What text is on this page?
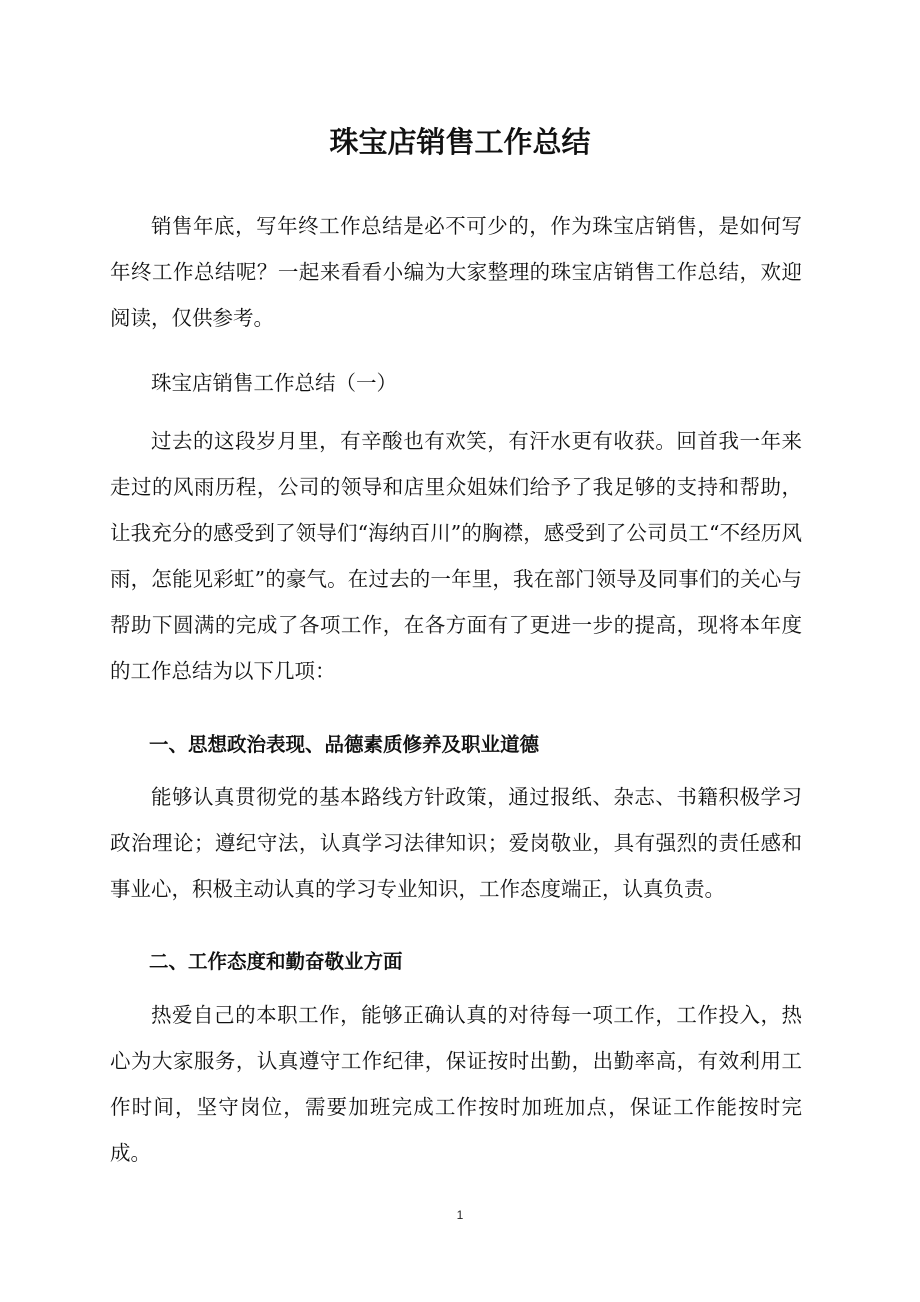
珠宝店销售工作总结

销售年底，写年终工作总结是必不可少的，作为珠宝店销售，是如何写年终工作总结呢？一起来看看小编为大家整理的珠宝店销售工作总结，欢迎阅读，仅供参考。

珠宝店销售工作总结（一）

过去的这段岁月里，有辛酸也有欢笑，有汗水更有收获。回首我一年来走过的风雨历程，公司的领导和店里众姐妹们给予了我足够的支持和帮助，让我充分的感受到了领导们“海纳百川”的胸襟，感受到了公司员工“不经历风雨，怎能见彩虹”的豪气。在过去的一年里，我在部门领导及同事们的关心与帮助下圆满的完成了各项工作，在各方面有了更进一步的提高，现将本年度的工作总结为以下几项：

一、思想政治表现、品德素质修养及职业道德

能够认真贯彻党的基本路线方针政策，通过报纸、杂志、书籍积极学习政治理论；遵纪守法，认真学习法律知识；爱岗敬业，具有强烈的责任感和事业心，积极主动认真的学习专业知识，工作态度端正，认真负责。

二、工作态度和勤奋敬业方面

热爱自己的本职工作，能够正确认真的对待每一项工作，工作投入，热心为大家服务，认真遵守工作纪律，保证按时出勤，出勤率高，有效利用工作时间，坚守岗位，需要加班完成工作按时加班加点，保证工作能按时完成。

1
